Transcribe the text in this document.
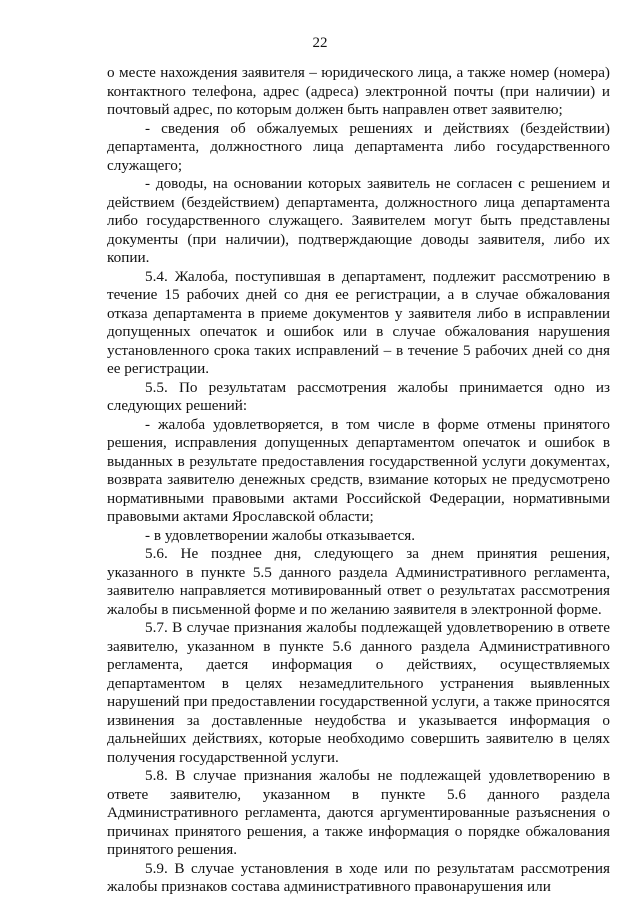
22

о месте нахождения заявителя – юридического лица, а также номер (номера) контактного телефона, адрес (адреса) электронной почты (при наличии) и почтовый адрес, по которым должен быть направлен ответ заявителю;

- сведения об обжалуемых решениях и действиях (бездействии) департамента, должностного лица департамента либо государственного служащего;

- доводы, на основании которых заявитель не согласен с решением и действием (бездействием) департамента, должностного лица департамента либо государственного служащего. Заявителем могут быть представлены документы (при наличии), подтверждающие доводы заявителя, либо их копии.

5.4. Жалоба, поступившая в департамент, подлежит рассмотрению в течение 15 рабочих дней со дня ее регистрации, а в случае обжалования отказа департамента в приеме документов у заявителя либо в исправлении допущенных опечаток и ошибок или в случае обжалования нарушения установленного срока таких исправлений – в течение 5 рабочих дней со дня ее регистрации.

5.5. По результатам рассмотрения жалобы принимается одно из следующих решений:

- жалоба удовлетворяется, в том числе в форме отмены принятого решения, исправления допущенных департаментом опечаток и ошибок в выданных в результате предоставления государственной услуги документах, возврата заявителю денежных средств, взимание которых не предусмотрено нормативными правовыми актами Российской Федерации, нормативными правовыми актами Ярославской области;

- в удовлетворении жалобы отказывается.

5.6. Не позднее дня, следующего за днем принятия решения, указанного в пункте 5.5 данного раздела Административного регламента, заявителю направляется мотивированный ответ о результатах рассмотрения жалобы в письменной форме и по желанию заявителя в электронной форме.

5.7. В случае признания жалобы подлежащей удовлетворению в ответе заявителю, указанном в пункте 5.6 данного раздела Административного регламента, дается информация о действиях, осуществляемых департаментом в целях незамедлительного устранения выявленных нарушений при предоставлении государственной услуги, а также приносятся извинения за доставленные неудобства и указывается информация о дальнейших действиях, которые необходимо совершить заявителю в целях получения государственной услуги.

5.8. В случае признания жалобы не подлежащей удовлетворению в ответе заявителю, указанном в пункте 5.6 данного раздела Административного регламента, даются аргументированные разъяснения о причинах принятого решения, а также информация о порядке обжалования принятого решения.

5.9. В случае установления в ходе или по результатам рассмотрения жалобы признаков состава административного правонарушения или
